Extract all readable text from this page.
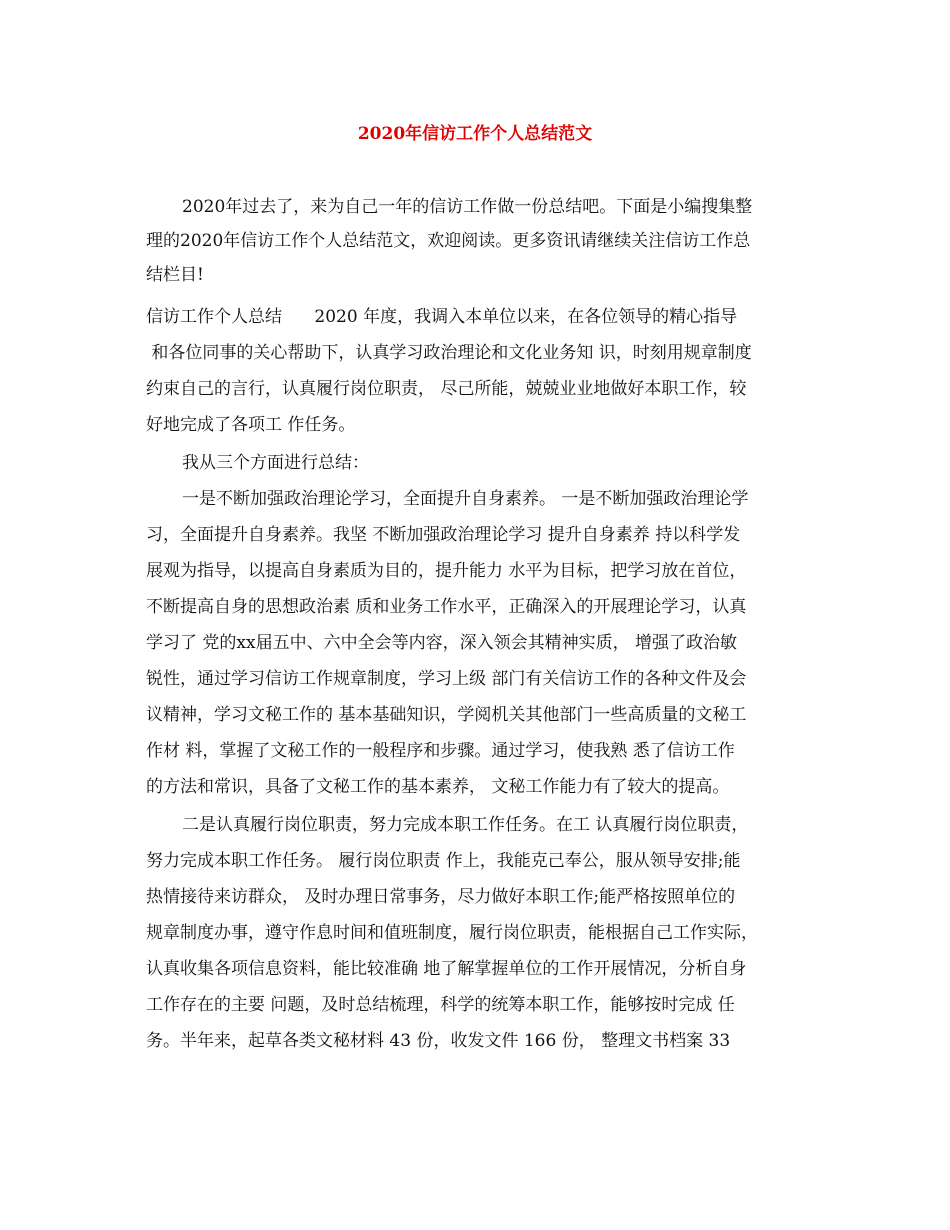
2020年信访工作个人总结范文
2020年过去了，来为自己一年的信访工作做一份总结吧。下面是小编搜集整
理的2020年信访工作个人总结范文，欢迎阅读。更多资讯请继续关注信访工作总
结栏目!
信访工作个人总结      2020 年度，我调入本单位以来，在各位领导的精心指导
和各位同事的关心帮助下，认真学习政治理论和文化业务知 识，时刻用规章制度
约束自己的言行，认真履行岗位职责， 尽己所能，兢兢业业地做好本职工作，较
好地完成了各项工 作任务。
我从三个方面进行总结：
一是不断加强政治理论学习，全面提升自身素养。 一是不断加强政治理论学
习，全面提升自身素养。我坚 不断加强政治理论学习 提升自身素养 持以科学发
展观为指导，以提高自身素质为目的，提升能力 水平为目标，把学习放在首位，
不断提高自身的思想政治素 质和业务工作水平，正确深入的开展理论学习，认真
学习了 党的xx届五中、六中全会等内容，深入领会其精神实质， 增强了政治敏
锐性，通过学习信访工作规章制度，学习上级 部门有关信访工作的各种文件及会
议精神，学习文秘工作的 基本基础知识，学阅机关其他部门一些高质量的文秘工
作材 料，掌握了文秘工作的一般程序和步骤。通过学习，使我熟 悉了信访工作
的方法和常识，具备了文秘工作的基本素养， 文秘工作能力有了较大的提高。
二是认真履行岗位职责，努力完成本职工作任务。在工 认真履行岗位职责，
努力完成本职工作任务。 履行岗位职责 作上，我能克己奉公，服从领导安排;能
热情接待来访群众， 及时办理日常事务，尽力做好本职工作;能严格按照单位的
规章制度办事，遵守作息时间和值班制度，履行岗位职责，能根据自己工作实际，
认真收集各项信息资料，能比较准确 地了解掌握单位的工作开展情况，分析自身
工作存在的主要 问题，及时总结梳理，科学的统筹本职工作，能够按时完成 任
务。半年来，起草各类文秘材料 43 份，收发文件 166 份， 整理文书档案 33
